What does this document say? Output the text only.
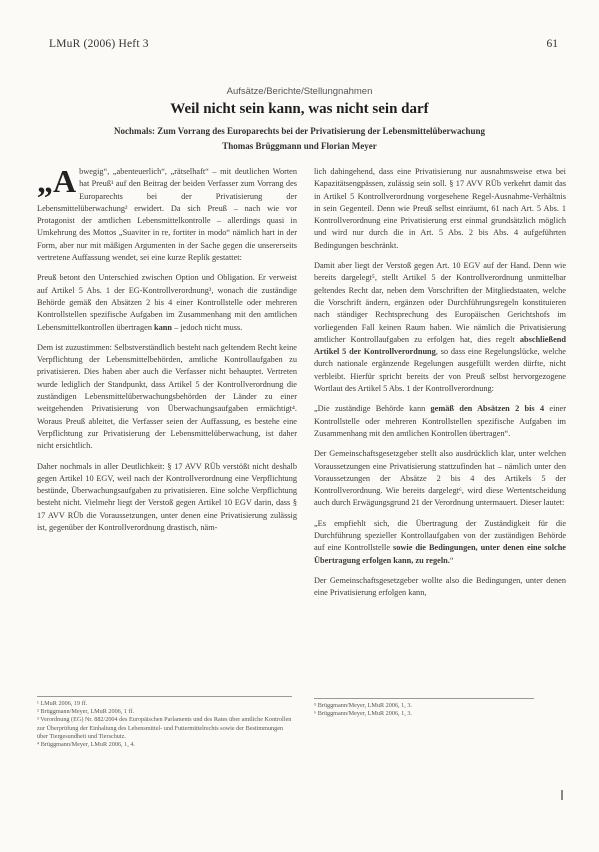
LMuR (2006) Heft 3	61
Aufsätze/Berichte/Stellungnahmen
Weil nicht sein kann, was nicht sein darf
Nochmals: Zum Vorrang des Europarechts bei der Privatisierung der Lebensmittelüberwachung
Thomas Brüggmann und Florian Meyer

„Abwegig“, „abenteuerlich“, „rätselhaft“ – mit deutlichen Worten hat Preuß¹ auf den Beitrag der beiden Verfasser zum Vorrang des Europarechts bei der Privatisierung der Lebensmittelüberwachung² erwidert. Da sich Preuß – nach wie vor Protagonist der amtlichen Lebensmittelkontrolle – allerdings quasi in Umkehrung des Mottos „Suaviter in re, fortiter in modo“ nämlich hart in der Form, aber nur mit mäßigen Argumenten in der Sache gegen die unsererseits vertretene Auffassung wendet, sei eine kurze Replik gestattet:

Preuß betont den Unterschied zwischen Option und Obligation. Er verweist auf Artikel 5 Abs. 1 der EG-Kontrollverordnung³, wonach die zuständige Behörde gemäß den Absätzen 2 bis 4 einer Kontrollstelle oder mehreren Kontrollstellen spezifische Aufgaben im Zusammenhang mit den amtlichen Lebensmittelkontrollen übertragen kann – jedoch nicht muss.

Dem ist zuzustimmen: Selbstverständlich besteht nach geltendem Recht keine Verpflichtung der Lebensmittelbehörden, amtliche Kontrollaufgaben zu privatisieren. Dies haben aber auch die Verfasser nicht behauptet. Vertreten wurde lediglich der Standpunkt, dass Artikel 5 der Kontrollverordnung die zuständigen Lebensmittelüberwachungsbehörden der Länder zu einer weitgehenden Privatisierung von Überwachungsaufgaben ermächtigt⁴. Woraus Preuß ableitet, die Verfasser seien der Auffassung, es bestehe eine Verpflichtung zur Privatisierung der Lebensmittelüberwachung, ist daher nicht ersichtlich.

Daher nochmals in aller Deutlichkeit: § 17 AVV RÜb verstößt nicht deshalb gegen Artikel 10 EGV, weil nach der Kontrollverordnung eine Verpflichtung bestünde, Überwachungsaufgaben zu privatisieren. Eine solche Verpflichtung besteht nicht. Vielmehr liegt der Verstoß gegen Artikel 10 EGV darin, dass § 17 AVV RÜb die Voraussetzungen, unter denen eine Privatisierung zulässig ist, gegenüber der Kontrollverordnung drastisch, näm-

lich dahingehend, dass eine Privatisierung nur ausnahmsweise etwa bei Kapazitätsengpässen, zulässig sein soll. § 17 AVV RÜb verkehrt damit das in Artikel 5 Kontrollverordnung vorgesehene Regel-Ausnahme-Verhältnis in sein Gegenteil. Denn wie Preuß selbst einräumt, 61 nach Art. 5 Abs. 1 Kontrollverordnung eine Privatisierung erst einmal grundsätzlich möglich und wird nur durch die in Art. 5 Abs. 2 bis Abs. 4 aufgeführten Bedingungen beschränkt.

Damit aber liegt der Verstoß gegen Art. 10 EGV auf der Hand. Denn wie bereits dargelegt⁵, stellt Artikel 5 der Kontrollverordnung unmittelbar geltendes Recht dar, neben dem Vorschriften der Mitgliedstaaten, welche die Vorschrift ändern, ergänzen oder Durchführungsregeln konstituieren nach ständiger Rechtsprechung des Europäischen Gerichtshofs im vorliegenden Fall keinen Raum haben. Wie nämlich die Privatisierung amtlicher Kontrollaufgaben zu erfolgen hat, dies regelt abschließend Artikel 5 der Kontrollverordnung, so dass eine Regelungslücke, welche durch nationale ergänzende Regelungen ausgefüllt werden dürfte, nicht verbleibt. Hierfür spricht bereits der von Preuß selbst hervorgezogene Wortlaut des Artikel 5 Abs. 1 der Kontrollverordnung:

„Die zuständige Behörde kann gemäß den Absätzen 2 bis 4 einer Kontrollstelle oder mehreren Kontrollstellen spezifische Aufgaben im Zusammenhang mit den amtlichen Kontrollen übertragen“.

Der Gemeinschaftsgesetzgeber stellt also ausdrücklich klar, unter welchen Voraussetzungen eine Privatisierung stattzufinden hat – nämlich unter den Voraussetzungen der Absätze 2 bis 4 des Artikels 5 der Kontrollverordnung. Wie bereits dargelegt⁶, wird diese Wertentscheidung auch durch Erwägungsgrund 21 der Verordnung untermauert. Dieser lautet:

„Es empfiehlt sich, die Übertragung der Zuständigkeit für die Durchführung spezieller Kontrollaufgaben von der zuständigen Behörde auf eine Kontrollstelle sowie die Bedingungen, unter denen eine solche Übertragung erfolgen kann, zu regeln.“

Der Gemeinschaftsgesetzgeber wollte also die Bedingungen, unter denen eine Privatisierung erfolgen kann,

¹ LMuR 2006, 19 ff.

² Brüggmann/Meyer, LMuR 2006, 1 ff.

³ Verordnung (EG) Nr. 882/2004 des Europäischen Parlaments und des Rates über amtliche Kontrollen zur Überprüfung der Einhaltung des Lebensmittel- und Futtermittelrechts sowie der Bestimmungen über Tiergesundheit und Tierschutz.

⁴ Brüggmann/Meyer, LMuR 2006, 1, 4.

⁵ Brüggmann/Meyer, LMuR 2006, 1, 3.

⁶ Brüggmann/Meyer, LMuR 2006, 1, 3.
